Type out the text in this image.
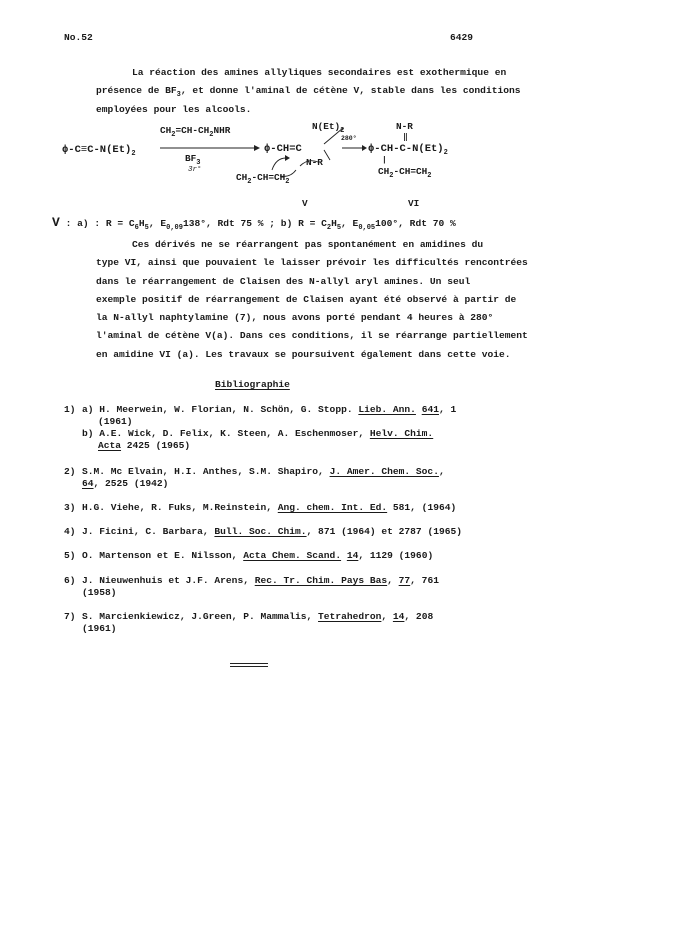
No.52	6429

La réaction des amines allyliques secondaires est exothermique en

présence de $BF_3$, et donne l'aminal de cétène V, stable dans les conditions

employées pour les alcools.

$\phi-C\equiv C-N(Et)_2$
$CH_2=CH-CH_2NHR$
$BF_3$
3r°
$N(Et)_2$
ϕ-CH=C
N-R
$CH_2-CH=CH_2$
280°
N-R
‖
$\phi-CH-C-N(Et)_2$
|
$CH_2-CH=CH_2$
V	VI
V : a) : $R = C_6H_5$, $E_{0,09}138^\circ$, Rdt 75 % ; b) $R = C_2H_5$, $E_{0,05}100^\circ$, Rdt 70 %

Ces dérivés ne se réarrangent pas spontanément en amidines du

type VI, ainsi que pouvaient le laisser prévoir les difficultés rencontrées

dans le réarrangement de Claisen des N-allyl aryl amines. Un seul

exemple positif de réarrangement de Claisen ayant été observé à partir de

la N-allyl naphtylamine (7), nous avons porté pendant 4 heures à 280°

l'aminal de cétène V(a). Dans ces conditions, il se réarrange partiellement

en amidine VI (a). Les travaux se poursuivent également dans cette voie.

Bibliographie
1) a) H. Meerwein, W. Florian, N. Schön, G. Stopp. Lieb. Ann. 641, 1
(1961)
b) A.E. Wick, D. Felix, K. Steen, A. Eschenmoser, Helv. Chim.
Acta 2425 (1965)
2) S.M. Mc Elvain, H.I. Anthes, S.M. Shapiro, J. Amer. Chem. Soc.,
64, 2525 (1942)
3) H.G. Viehe, R. Fuks, M.Reinstein, Ang. chem. Int. Ed. 581, (1964)
4) J. Ficini, C. Barbara, Bull. Soc. Chim., 871 (1964) et 2787 (1965)
5) O. Martenson et E. Nilsson, Acta Chem. Scand. 14, 1129 (1960)
6) J. Nieuwenhuis et J.F. Arens, Rec. Tr. Chim. Pays Bas, 77, 761
(1958)
7) S. Marcienkiewicz, J.Green, P. Mammalis, Tetrahedron, 14, 208
(1961)
